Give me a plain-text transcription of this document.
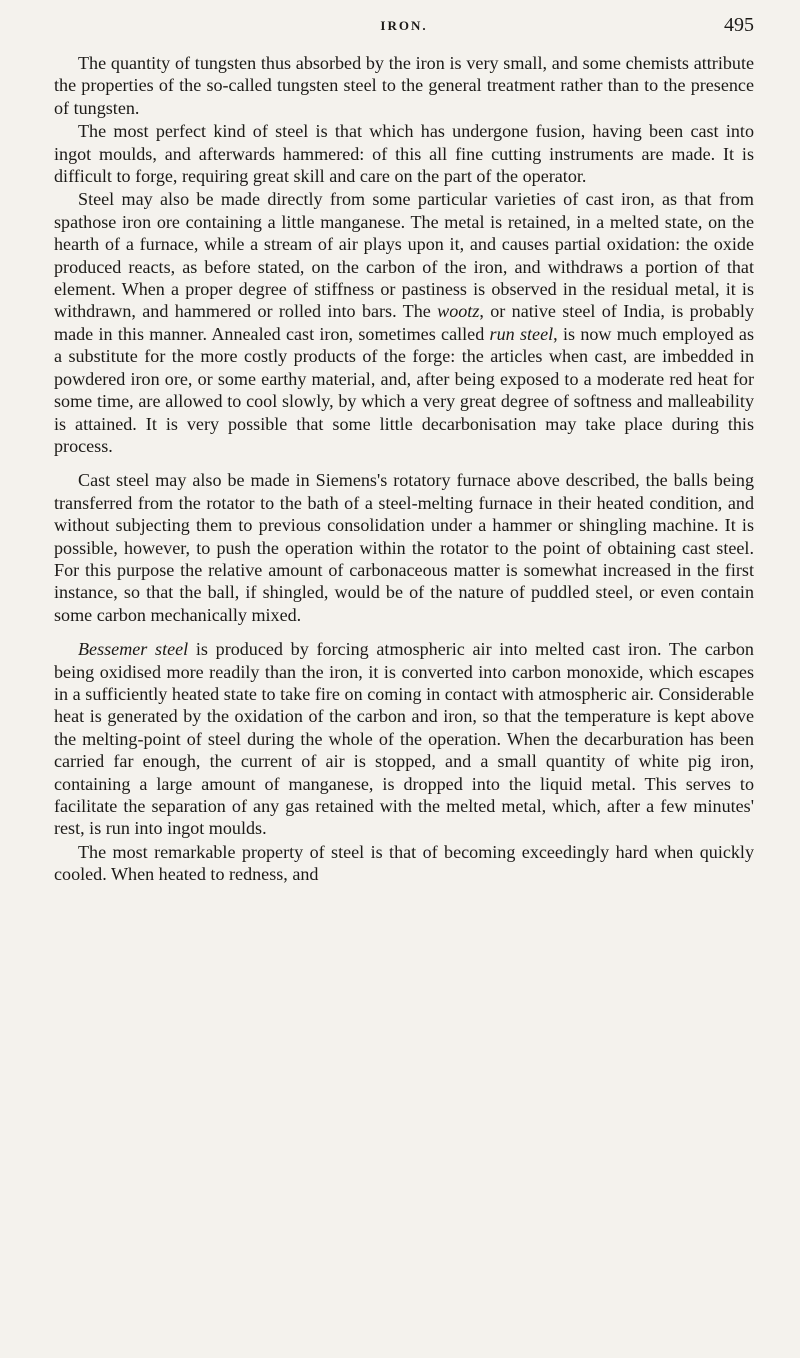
IRON.	495

The quantity of tungsten thus absorbed by the iron is very small, and some chemists attribute the properties of the so-called tungsten steel to the general treatment rather than to the presence of tungsten.

The most perfect kind of steel is that which has undergone fusion, having been cast into ingot moulds, and afterwards hammered: of this all fine cutting instruments are made. It is difficult to forge, requiring great skill and care on the part of the operator.

Steel may also be made directly from some particular varieties of cast iron, as that from spathose iron ore containing a little manganese. The metal is retained, in a melted state, on the hearth of a furnace, while a stream of air plays upon it, and causes partial oxidation: the oxide produced reacts, as before stated, on the carbon of the iron, and withdraws a portion of that element. When a proper degree of stiffness or pastiness is observed in the residual metal, it is withdrawn, and hammered or rolled into bars. The wootz, or native steel of India, is probably made in this manner. Annealed cast iron, sometimes called run steel, is now much employed as a substitute for the more costly products of the forge: the articles when cast, are imbedded in powdered iron ore, or some earthy material, and, after being exposed to a moderate red heat for some time, are allowed to cool slowly, by which a very great degree of softness and malleability is attained. It is very possible that some little decarbonisation may take place during this process.

Cast steel may also be made in Siemens's rotatory furnace above described, the balls being transferred from the rotator to the bath of a steel-melting furnace in their heated condition, and without subjecting them to previous consolidation under a hammer or shingling machine. It is possible, however, to push the operation within the rotator to the point of obtaining cast steel. For this purpose the relative amount of carbonaceous matter is somewhat increased in the first instance, so that the ball, if shingled, would be of the nature of puddled steel, or even contain some carbon mechanically mixed.

Bessemer steel is produced by forcing atmospheric air into melted cast iron. The carbon being oxidised more readily than the iron, it is converted into carbon monoxide, which escapes in a sufficiently heated state to take fire on coming in contact with atmospheric air. Considerable heat is generated by the oxidation of the carbon and iron, so that the temperature is kept above the melting-point of steel during the whole of the operation. When the decarburation has been carried far enough, the current of air is stopped, and a small quantity of white pig iron, containing a large amount of manganese, is dropped into the liquid metal. This serves to facilitate the separation of any gas retained with the melted metal, which, after a few minutes' rest, is run into ingot moulds.

The most remarkable property of steel is that of becoming exceedingly hard when quickly cooled. When heated to redness, and
